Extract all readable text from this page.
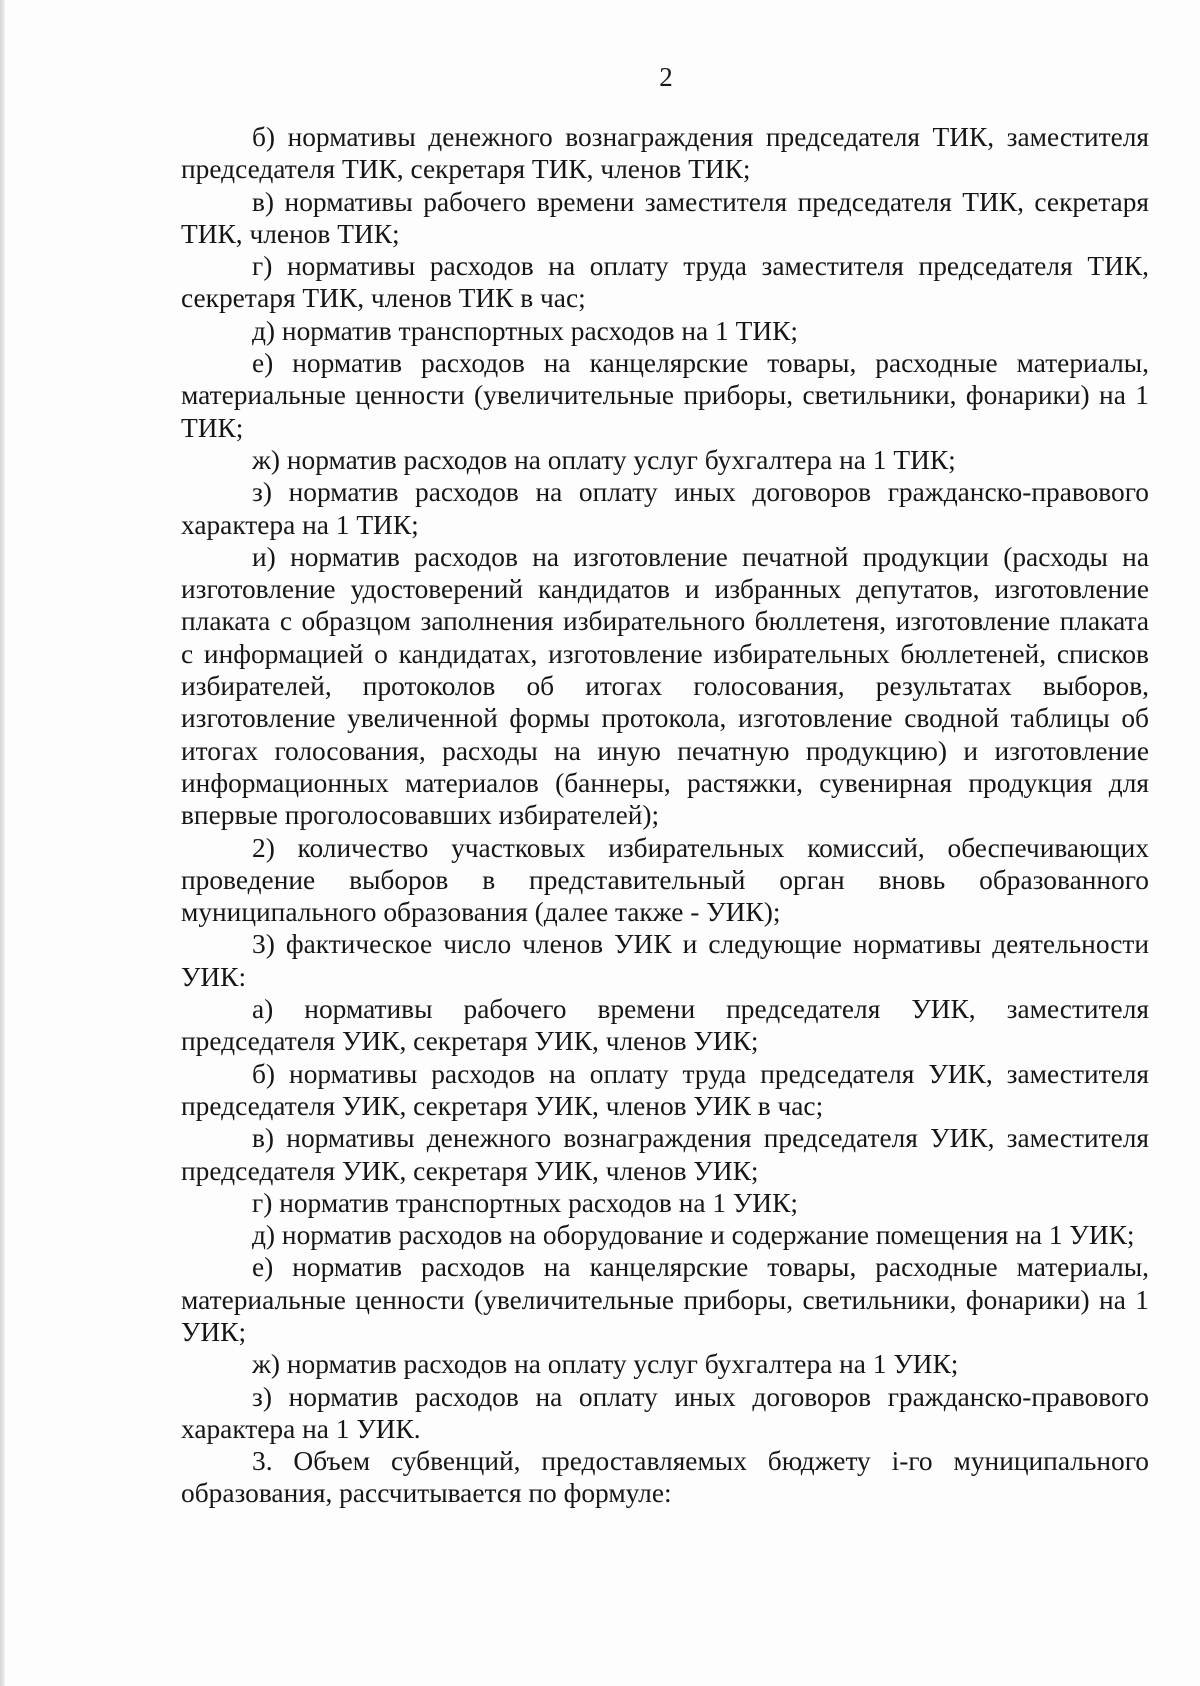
2

б) нормативы денежного вознаграждения председателя ТИК, заместителя председателя ТИК, секретаря ТИК, членов ТИК;

в) нормативы рабочего времени заместителя председателя ТИК, секретаря ТИК, членов ТИК;

г) нормативы расходов на оплату труда заместителя председателя ТИК, секретаря ТИК, членов ТИК в час;

д) норматив транспортных расходов на 1 ТИК;

е) норматив расходов на канцелярские товары, расходные материалы, материальные ценности (увеличительные приборы, светильники, фонарики) на 1 ТИК;

ж) норматив расходов на оплату услуг бухгалтера на 1 ТИК;

з) норматив расходов на оплату иных договоров гражданско-правового характера на 1 ТИК;

и) норматив расходов на изготовление печатной продукции (расходы на изготовление удостоверений кандидатов и избранных депутатов, изготовление плаката с образцом заполнения избирательного бюллетеня, изготовление плаката с информацией о кандидатах, изготовление избирательных бюллетеней, списков избирателей, протоколов об итогах голосования, результатах выборов, изготовление увеличенной формы протокола, изготовление сводной таблицы об итогах голосования, расходы на иную печатную продукцию) и изготовление информационных материалов (баннеры, растяжки, сувенирная продукция для впервые проголосовавших избирателей);

2) количество участковых избирательных комиссий, обеспечивающих проведение выборов в представительный орган вновь образованного муниципального образования (далее также - УИК);

3) фактическое число членов УИК и следующие нормативы деятельности УИК:

а) нормативы рабочего времени председателя УИК, заместителя председателя УИК, секретаря УИК, членов УИК;

б) нормативы расходов на оплату труда председателя УИК, заместителя председателя УИК, секретаря УИК, членов УИК в час;

в) нормативы денежного вознаграждения председателя УИК, заместителя председателя УИК, секретаря УИК, членов УИК;

г) норматив транспортных расходов на 1 УИК;

д) норматив расходов на оборудование и содержание помещения на 1 УИК;

е) норматив расходов на канцелярские товары, расходные материалы, материальные ценности (увеличительные приборы, светильники, фонарики) на 1 УИК;

ж) норматив расходов на оплату услуг бухгалтера на 1 УИК;

з) норматив расходов на оплату иных договоров гражданско-правового характера на 1 УИК.

3. Объем субвенций, предоставляемых бюджету i-го муниципального образования, рассчитывается по формуле:
